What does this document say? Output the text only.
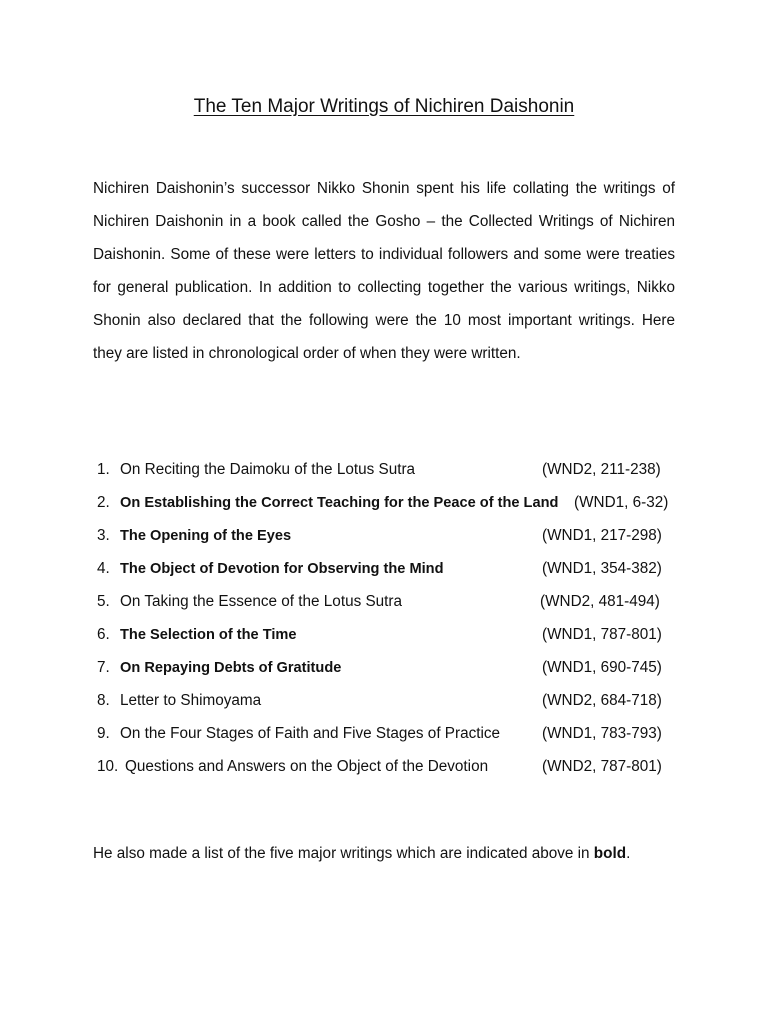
The Ten Major Writings of Nichiren Daishonin

Nichiren Daishonin’s successor Nikko Shonin spent his life collating the writings of Nichiren Daishonin in a book called the Gosho – the Collected Writings of Nichiren Daishonin. Some of these were letters to individual followers and some were treaties for general publication. In addition to collecting together the various writings, Nikko Shonin also declared that the following were the 10 most important writings. Here they are listed in chronological order of when they were written.

1. On Reciting the Daimoku of the Lotus Sutra	(WND2, 211-238)
2. On Establishing the Correct Teaching for the Peace of the Land (WND1, 6-32)
3. The Opening of the Eyes	(WND1, 217-298)
4. The Object of Devotion for Observing the Mind	(WND1, 354-382)
5. On Taking the Essence of the Lotus Sutra	(WND2, 481-494)
6. The Selection of the Time	(WND1, 787-801)
7. On Repaying Debts of Gratitude	(WND1, 690-745)
8. Letter to Shimoyama	(WND2, 684-718)
9. On the Four Stages of Faith and Five Stages of Practice	(WND1, 783-793)
10. Questions and Answers on the Object of the Devotion	(WND2, 787-801)

He also made a list of the five major writings which are indicated above in bold.
